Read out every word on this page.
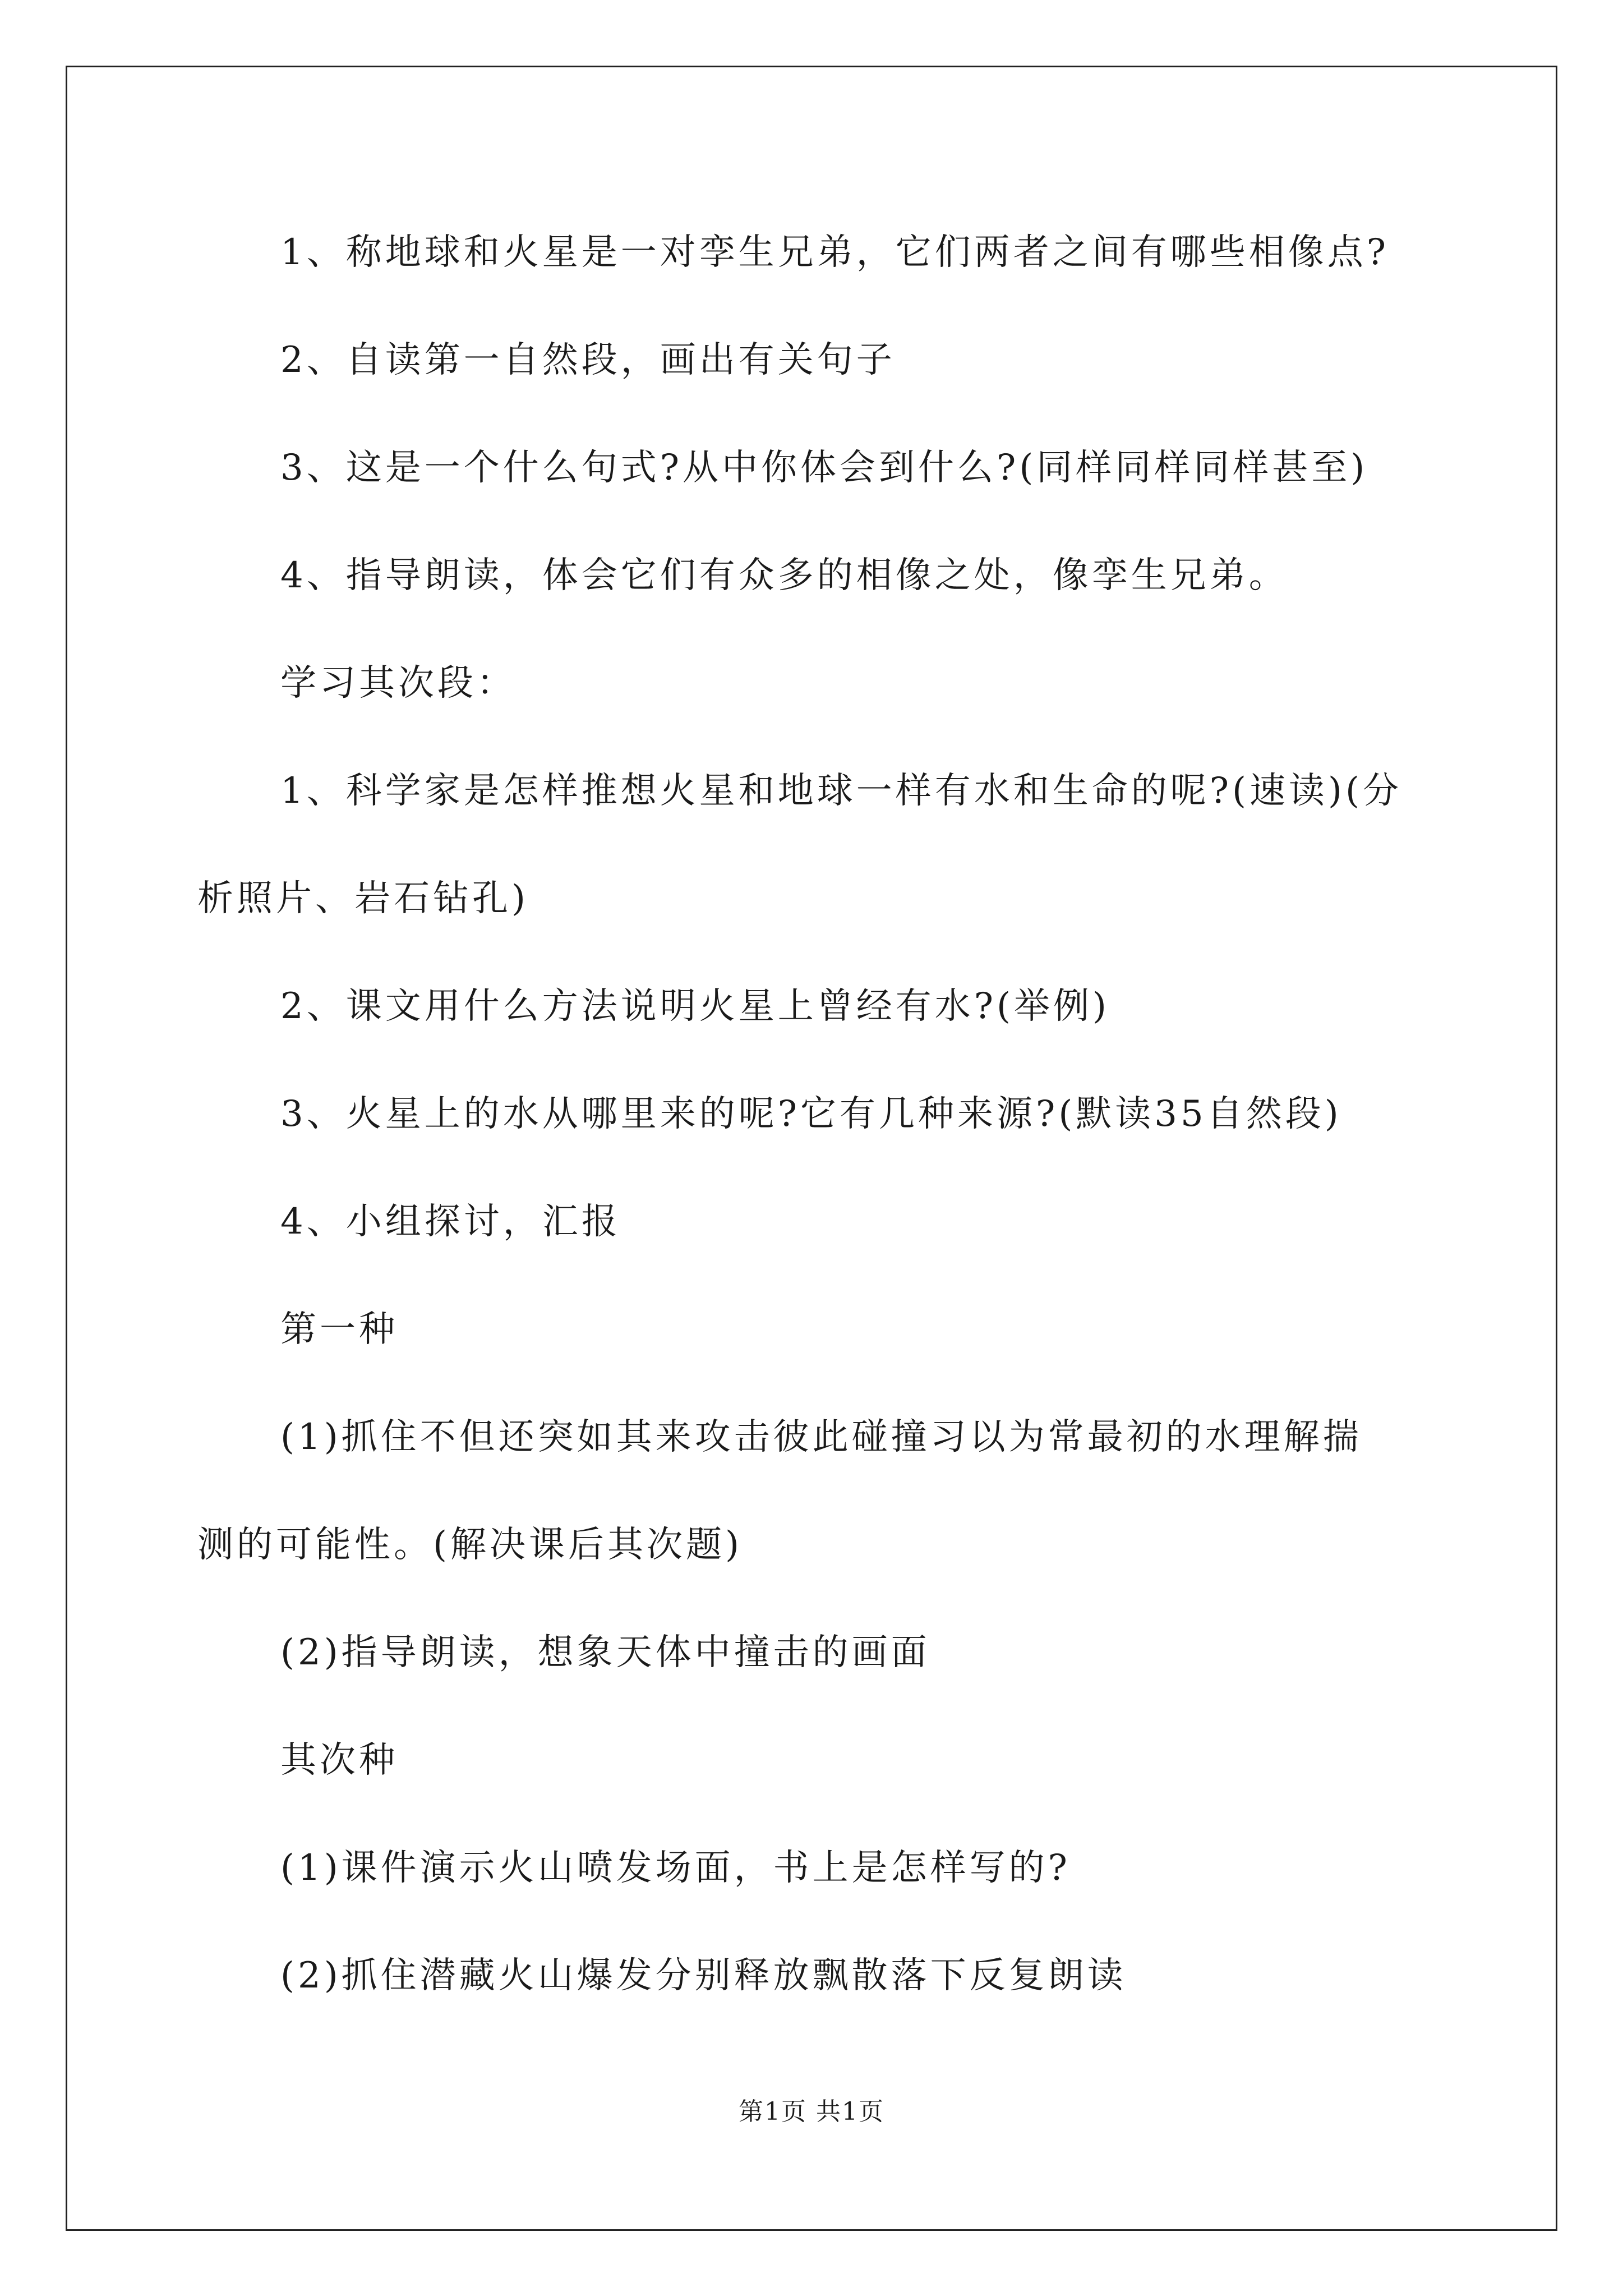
1、称地球和火星是一对孪生兄弟，它们两者之间有哪些相像点?
2、自读第一自然段，画出有关句子
3、这是一个什么句式?从中你体会到什么?(同样同样同样甚至)
4、指导朗读，体会它们有众多的相像之处，像孪生兄弟。
学习其次段：
1、科学家是怎样推想火星和地球一样有水和生命的呢?(速读)(分
析照片、岩石钻孔)
2、课文用什么方法说明火星上曾经有水?(举例)
3、火星上的水从哪里来的呢?它有几种来源?(默读35自然段)
4、小组探讨，汇报
第一种
(1)抓住不但还突如其来攻击彼此碰撞习以为常最初的水理解揣
测的可能性。(解决课后其次题)
(2)指导朗读，想象天体中撞击的画面
其次种
(1)课件演示火山喷发场面，书上是怎样写的?
(2)抓住潜藏火山爆发分别释放飘散落下反复朗读
第1页 共1页
